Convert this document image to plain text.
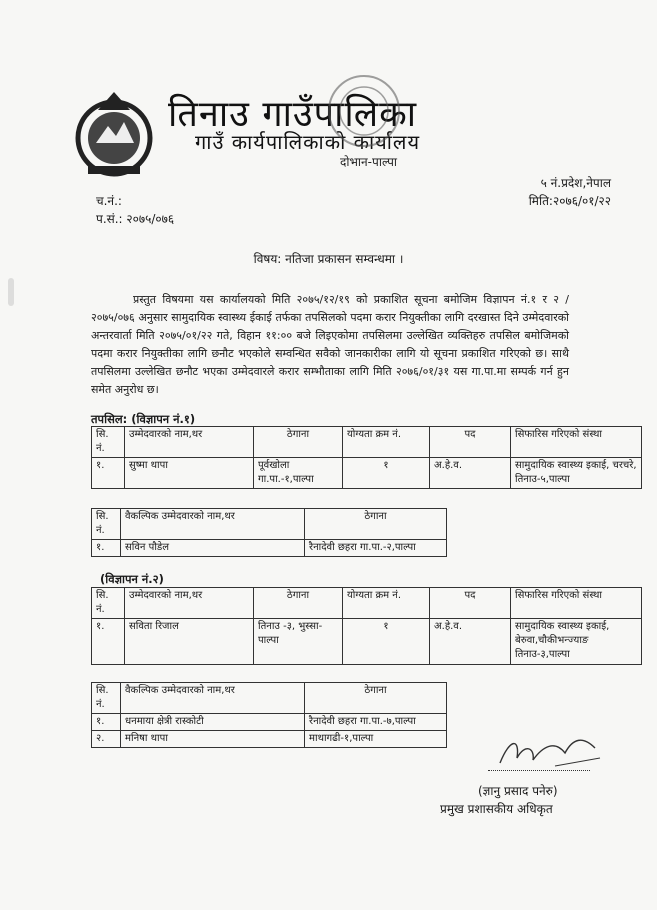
तिनाउ गाउँपालिका
गाउँ कार्यपालिकाको कार्यालय
दोभान-पाल्पा
५ नं.प्रदेश,नेपाल
मिति:२०७६/०१/२२
च.नं.:
प.सं.: २०७५/०७६
विषय: नतिजा प्रकासन सम्वन्धमा ।

प्रस्तुत विषयमा यस कार्यालयको मिति २०७५/१२/१९ को प्रकाशित सूचना बमोजिम विज्ञापन नं.१ र २ /२०७५/०७६ अनुसार सामुदायिक स्वास्थ्य ईकाई तर्फका तपसिलको पदमा करार नियुक्तीका लागि दरखास्त दिने उम्मेदवारको अन्तरवार्ता मिति २०७५/०१/२२ गते, विहान ११:०० बजे लिइएकोमा तपसिलमा उल्लेखित व्यक्तिहरु तपसिल बमोजिमको पदमा करार नियुक्तीका लागि छनौट भएकोले सम्वन्धित सवैको जानकारीका लागि यो सूचना प्रकाशित गरिएको छ। साथै तपसिलमा उल्लेखित छनौट भएका उम्मेदवारले करार सम्भौताका लागि मिति २०७६/०१/३१ यस गा.पा.मा सम्पर्क गर्न हुन समेत अनुरोध छ।

तपसिल: (विज्ञापन नं.१)
सि. नं.	उम्मेदवारको नाम,थर	ठेगाना	योग्यता क्रम नं.	पद	सिफारिस गरिएको संस्था
१.	सुष्मा थापा	पूर्वखोला गा.पा.-१,पाल्पा	१	अ.हे.व.	सामुदायिक स्वास्थ्य इकाई, चरचरे, तिनाउ-५,पाल्पा
सि. नं.	वैकल्पिक उम्मेदवारको नाम,थर	ठेगाना
१.	सविन पौडेल	रैनादेवी छहरा गा.पा.-२,पाल्पा
(विज्ञापन नं.२)
सि. नं.	उम्मेदवारको नाम,थर	ठेगाना	योग्यता क्रम नं.	पद	सिफारिस गरिएको संस्था
१.	सविता रिजाल	तिनाउ -३, भुस्सा-पाल्पा	१	अ.हे.व.	सामुदायिक स्वास्थ्य इकाई, बेरुवा,चौकीभन्ज्याङ तिनाउ-३,पाल्पा
सि. नं.	वैकल्पिक उम्मेदवारको नाम,थर	ठेगाना
१.	धनमाया क्षेत्री रास्कोटी	रैनादेवी छहरा गा.पा.-७,पाल्पा
२.	मनिषा थापा	माथागढी-१,पाल्पा
(ज्ञानु प्रसाद पनेरु)
प्रमुख प्रशासकीय अधिकृत
